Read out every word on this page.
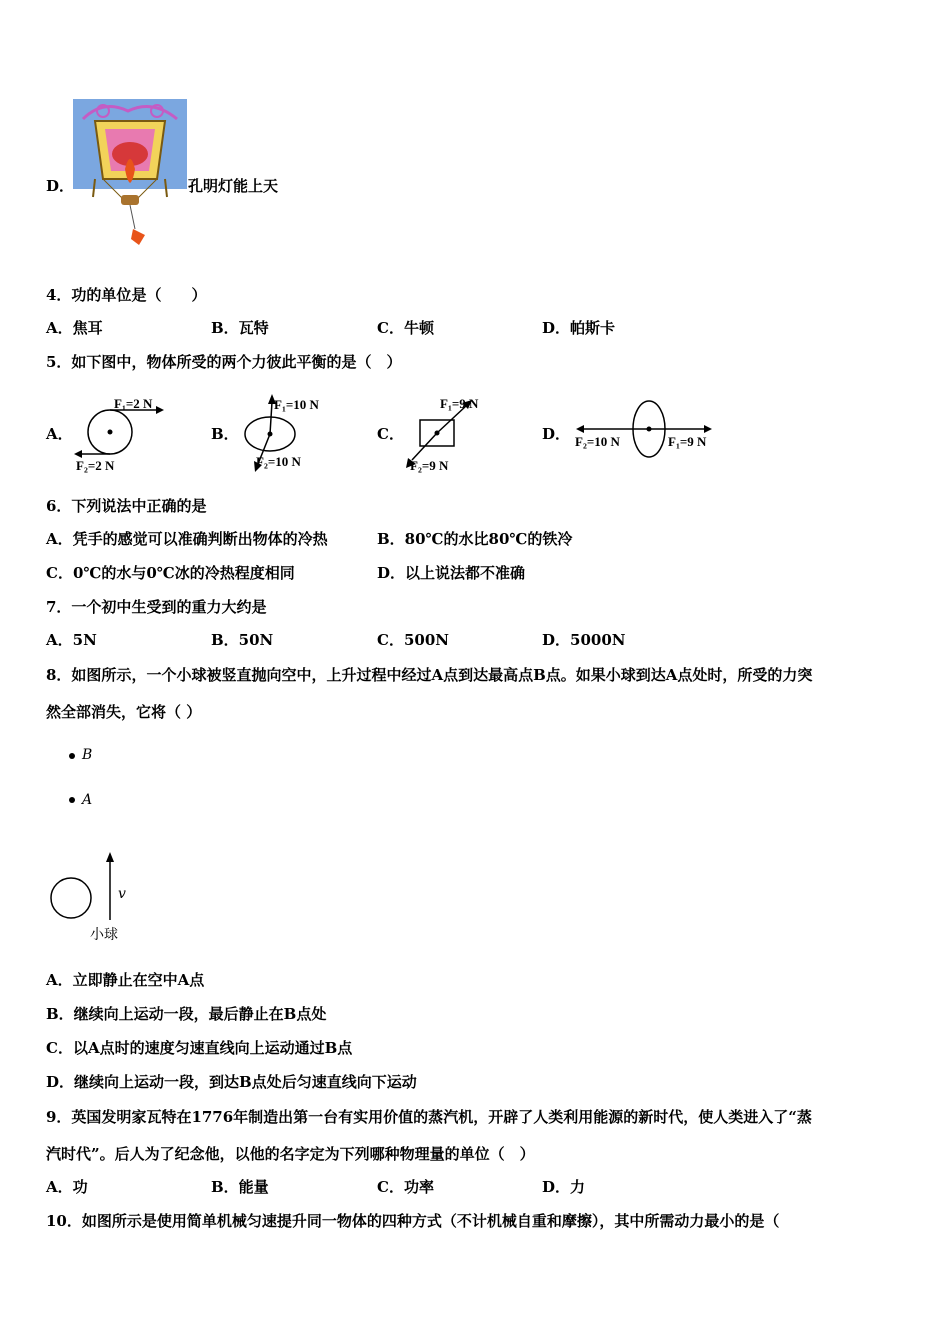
D．	孔明灯能上天
4．功的单位是（　　）
A．焦耳	B．瓦特	C．牛顿	D．帕斯卡
5．如下图中，物体所受的两个力彼此平衡的是（　）
A．	B．	C．	D．
F₁=2 N
F₂=2 N
F₁=10 N
F₂=10 N
F₁=9 N
F₂=9 N
F₂=10 N	F₁=9 N
6．下列说法中正确的是
A．凭手的感觉可以准确判断出物体的冷热	B．80℃的水比80℃的铁冷
C．0℃的水与0℃冰的冷热程度相同	D．以上说法都不准确
7．一个初中生受到的重力大约是
A．5N	B．50N	C．500N	D．5000N
8．如图所示，一个小球被竖直抛向空中，上升过程中经过A点到达最高点B点。如果小球到达A点处时，所受的力突
然全部消失，它将（ ）
B
A
v
小球
A．立即静止在空中A点
B．继续向上运动一段，最后静止在B点处
C．以A点时的速度匀速直线向上运动通过B点
D．继续向上运动一段，到达B点处后匀速直线向下运动
9．英国发明家瓦特在1776年制造出第一台有实用价值的蒸汽机，开辟了人类利用能源的新时代，使人类进入了“蒸
汽时代”。后人为了纪念他，以他的名字定为下列哪种物理量的单位（　）
A．功	B．能量	C．功率	D．力
10．如图所示是使用简单机械匀速提升同一物体的四种方式（不计机械自重和摩擦），其中所需动力最小的是（
